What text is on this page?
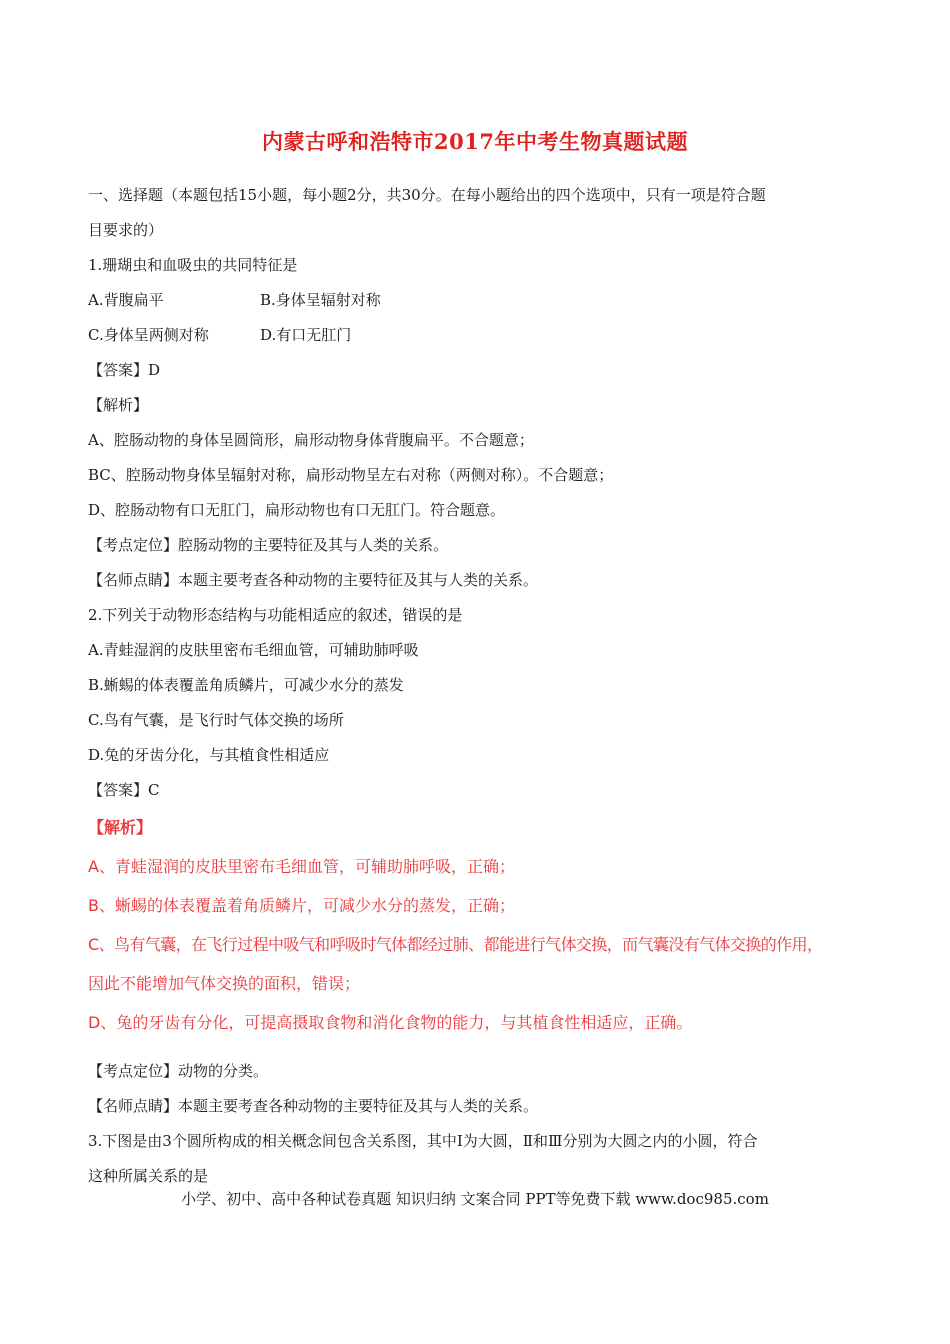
内蒙古呼和浩特市2017年中考生物真题试题
一、选择题（本题包括15小题，每小题2分，共30分。在每小题给出的四个选项中，只有一项是符合题
目要求的）
1.珊瑚虫和血吸虫的共同特征是
A.背腹扁平	B.身体呈辐射对称
C.身体呈两侧对称	D.有口无肛门
【答案】D
【解析】
A、腔肠动物的身体呈圆筒形，扁形动物身体背腹扁平。不合题意；
BC、腔肠动物身体呈辐射对称，扁形动物呈左右对称（两侧对称）。不合题意；
D、腔肠动物有口无肛门，扁形动物也有口无肛门。符合题意。
【考点定位】腔肠动物的主要特征及其与人类的关系。
【名师点睛】本题主要考查各种动物的主要特征及其与人类的关系。
2.下列关于动物形态结构与功能相适应的叙述，错误的是
A.青蛙湿润的皮肤里密布毛细血管，可辅助肺呼吸
B.蜥蜴的体表覆盖角质鳞片，可减少水分的蒸发
C.鸟有气囊，是飞行时气体交换的场所
D.兔的牙齿分化，与其植食性相适应
【答案】C
【解析】
A、青蛙湿润的皮肤里密布毛细血管，可辅助肺呼吸，正确；
B、蜥蜴的体表覆盖着角质鳞片，可减少水分的蒸发，正确；
C、鸟有气囊，在飞行过程中吸气和呼吸时气体都经过肺、都能进行气体交换，而气囊没有气体交换的作用，
因此不能增加气体交换的面积，错误；
D、兔的牙齿有分化，可提高摄取食物和消化食物的能力，与其植食性相适应，正确。
【考点定位】动物的分类。
【名师点睛】本题主要考查各种动物的主要特征及其与人类的关系。
3.下图是由3个圆所构成的相关概念间包含关系图，其中Ⅰ为大圆，Ⅱ和Ⅲ分别为大圆之内的小圆，符合
这种所属关系的是
小学、初中、高中各种试卷真题 知识归纳 文案合同 PPT等免费下载 www.doc985.com
